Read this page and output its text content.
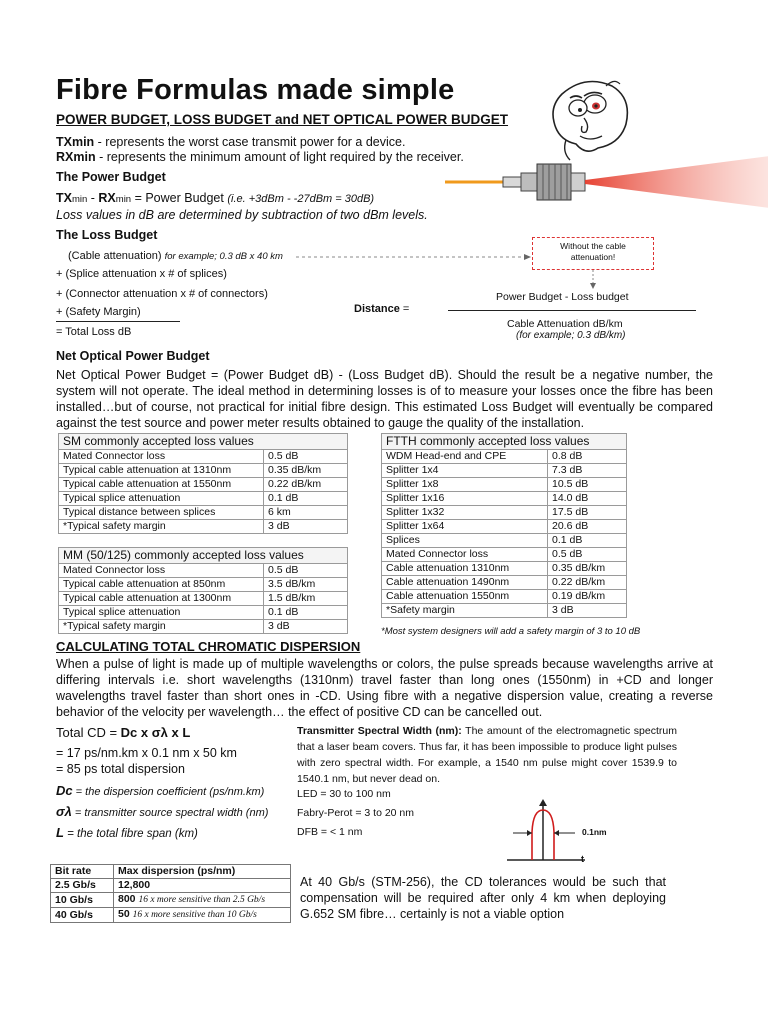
Fibre Formulas made simple
POWER BUDGET, LOSS BUDGET and NET OPTICAL POWER BUDGET
TXmin - represents the worst case transmit power for a device.
RXmin - represents the minimum amount of light required by the receiver.
The Power Budget
TXmin - RXmin = Power Budget (i.e. +3dBm - -27dBm = 30dB)
Loss values in dB are determined by subtraction of two dBm levels.
The Loss Budget
(Cable attenuation) for example; 0.3 dB x 40 km
+ (Splice attenuation x # of splices)
+ (Connector attenuation x # of connectors)
+ (Safety Margin)
= Total Loss dB
Without the cable
attenuation!
Distance =
Power Budget - Loss budget
Cable Attenuation dB/km
(for example; 0.3 dB/km)
Net Optical Power Budget
Net Optical Power Budget = (Power Budget dB) - (Loss Budget dB). Should the result be a negative number, the system will not operate. The ideal method in determining losses is of to measure your losses once the fibre has been installed…but of course, not practical for initial fibre design. This estimated Loss Budget will eventually be compared against the test source and power meter results obtained to gauge the quality of the installation.
SM commonly accepted loss values	
Mated Connector loss	0.5 dB
Typical cable attenuation at 1310nm	0.35 dB/km
Typical cable attenuation at 1550nm	0.22 dB/km
Typical splice attenuation	0.1 dB
Typical distance between splices	6 km
*Typical safety margin	3 dB
MM (50/125) commonly accepted loss values	
Mated Connector loss	0.5 dB
Typical cable attenuation at 850nm	3.5 dB/km
Typical cable attenuation at 1300nm	1.5 dB/km
Typical splice attenuation	0.1 dB
*Typical safety margin	3 dB
FTTH commonly accepted loss values	
WDM Head-end and CPE	0.8 dB
Splitter 1x4	7.3 dB
Splitter 1x8	10.5 dB
Splitter 1x16	14.0 dB
Splitter 1x32	17.5 dB
Splitter 1x64	20.6 dB
Splices	0.1 dB
Mated Connector loss	0.5 dB
Cable attenuation 1310nm	0.35 dB/km
Cable attenuation 1490nm	0.22 dB/km
Cable attenuation 1550nm	0.19 dB/km
*Safety margin	3 dB
*Most system designers will add a safety margin of 3 to 10 dB
CALCULATING TOTAL CHROMATIC DISPERSION
When a pulse of light is made up of multiple wavelengths or colors, the pulse spreads because wavelengths arrive at differing intervals i.e. short wavelengths (1310nm) travel faster than long ones (1550nm) in +CD and longer wavelengths travel faster than short ones in -CD. Using fibre with a negative dispersion value, creating a reverse behavior of the velocity per wavelength… the effect of positive CD can be cancelled out.
Total CD = Dc x σλ x L
= 17 ps/nm.km x 0.1 nm x 50 km
= 85 ps total dispersion
Dc = the dispersion coefficient (ps/nm.km)
σλ = transmitter source spectral width (nm)
L = the total fibre span (km)
Transmitter Spectral Width (nm): The amount of the electromagnetic spectrum that a laser beam covers. Thus far, it has been impossible to produce light pulses with zero spectral width. For example, a 1540 nm pulse might cover 1539.9 to 1540.1 nm, but never dead on.
LED = 30 to 100 nm
Fabry-Perot = 3 to 20 nm
DFB = < 1 nm	0.1nm
t
Bit rate	Max dispersion (ps/nm)
2.5 Gb/s	12,800
10 Gb/s	800 16 x more sensitive than 2.5 Gb/s
40 Gb/s	50 16 x more sensitive than 10 Gb/s
At 40 Gb/s (STM-256), the CD tolerances would be such that compensation will be required after only 4 km when deploying G.652 SM fibre… certainly is not a viable option
